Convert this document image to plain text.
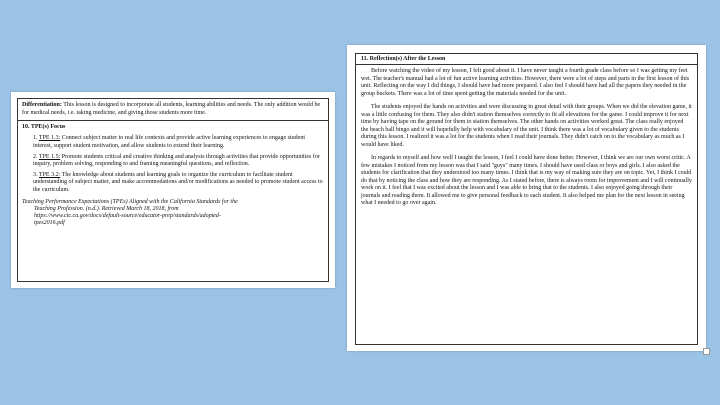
Differentiation: This lesson is designed to incorporate all students, learning abilities and needs. The only addition would be for medical needs, i.e. taking medicine, and giving those students more time.
10. TPE(s) Focus
1. TPE 1.3: Connect subject matter to real life contexts and provide active learning experiences to engage student interest, support student motivation, and allow students to extend their learning.
2. TPE 1.5: Promote students critical and creative thinking and analysis through activities that provide opportunities for inquiry, problem solving, responding to and framing meaningful questions, and reflection.
3. TPE 3.2: The knowledge about students and learning goals to organize the curriculum to facilitate student understanding of subject matter, and make accommodations and/or modifications as needed to promote student access to the curriculum.
Teaching Performance Expectations (TPEs) Aligned with the California Standards for the
Teaching Profession. (n.d.). Retrieved March 18, 2018, from
https://www.ctc.ca.gov/docs/default-source/educator-prep/standards/adopted-
tpes2016.pdf
11. Reflection(s) After the Lesson

Before watching the video of my lesson, I felt good about it. I have never taught a fourth grade class before so I was getting my feet wet. The teacher's manual had a lot of fun active learning activities. However, there were a lot of steps and parts in the first lesson of this unit. Reflecting on the way I did things, I should have had more prepared. I also feel I should have had all the papers they needed in the group buckets. There was a lot of time spent getting the materials needed for the unit.

The students enjoyed the hands on activities and were discussing in great detail with their groups. When we did the elevation game, it was a little confusing for them. They also didn't station themselves correctly to fit all elevations for the game. I could improve it for next time by having tape on the ground for them to station themselves. The other hands on activities worked great. The class really enjoyed the beach ball bingo and it will hopefully help with vocabulary of the unit. I think there was a lot of vocabulary given to the students during this lesson. I realized it was a lot for the students when I read their journals. They didn't catch on to the vocabulary as much as I would have liked.

In regards to myself and how well I taught the lesson, I feel I could have done better. However, I think we are our own worst critic. A few mistakes I noticed from my lesson was that I said "guys" many times. I should have used class or boys and girls. I also asked the students for clarification that they understood too many times. I think that is my way of making sure they are on topic. Yet, I think I could do that by noticing the class and how they are responding. As I stated before, there is always room for improvement and I will continually work on it. I feel that I was excited about the lesson and I was able to bring that to the students. I also enjoyed going through their journals and reading them. It allowed me to give personal feedback to each student. It also helped me plan for the next lesson in seeing what I needed to go over again.
